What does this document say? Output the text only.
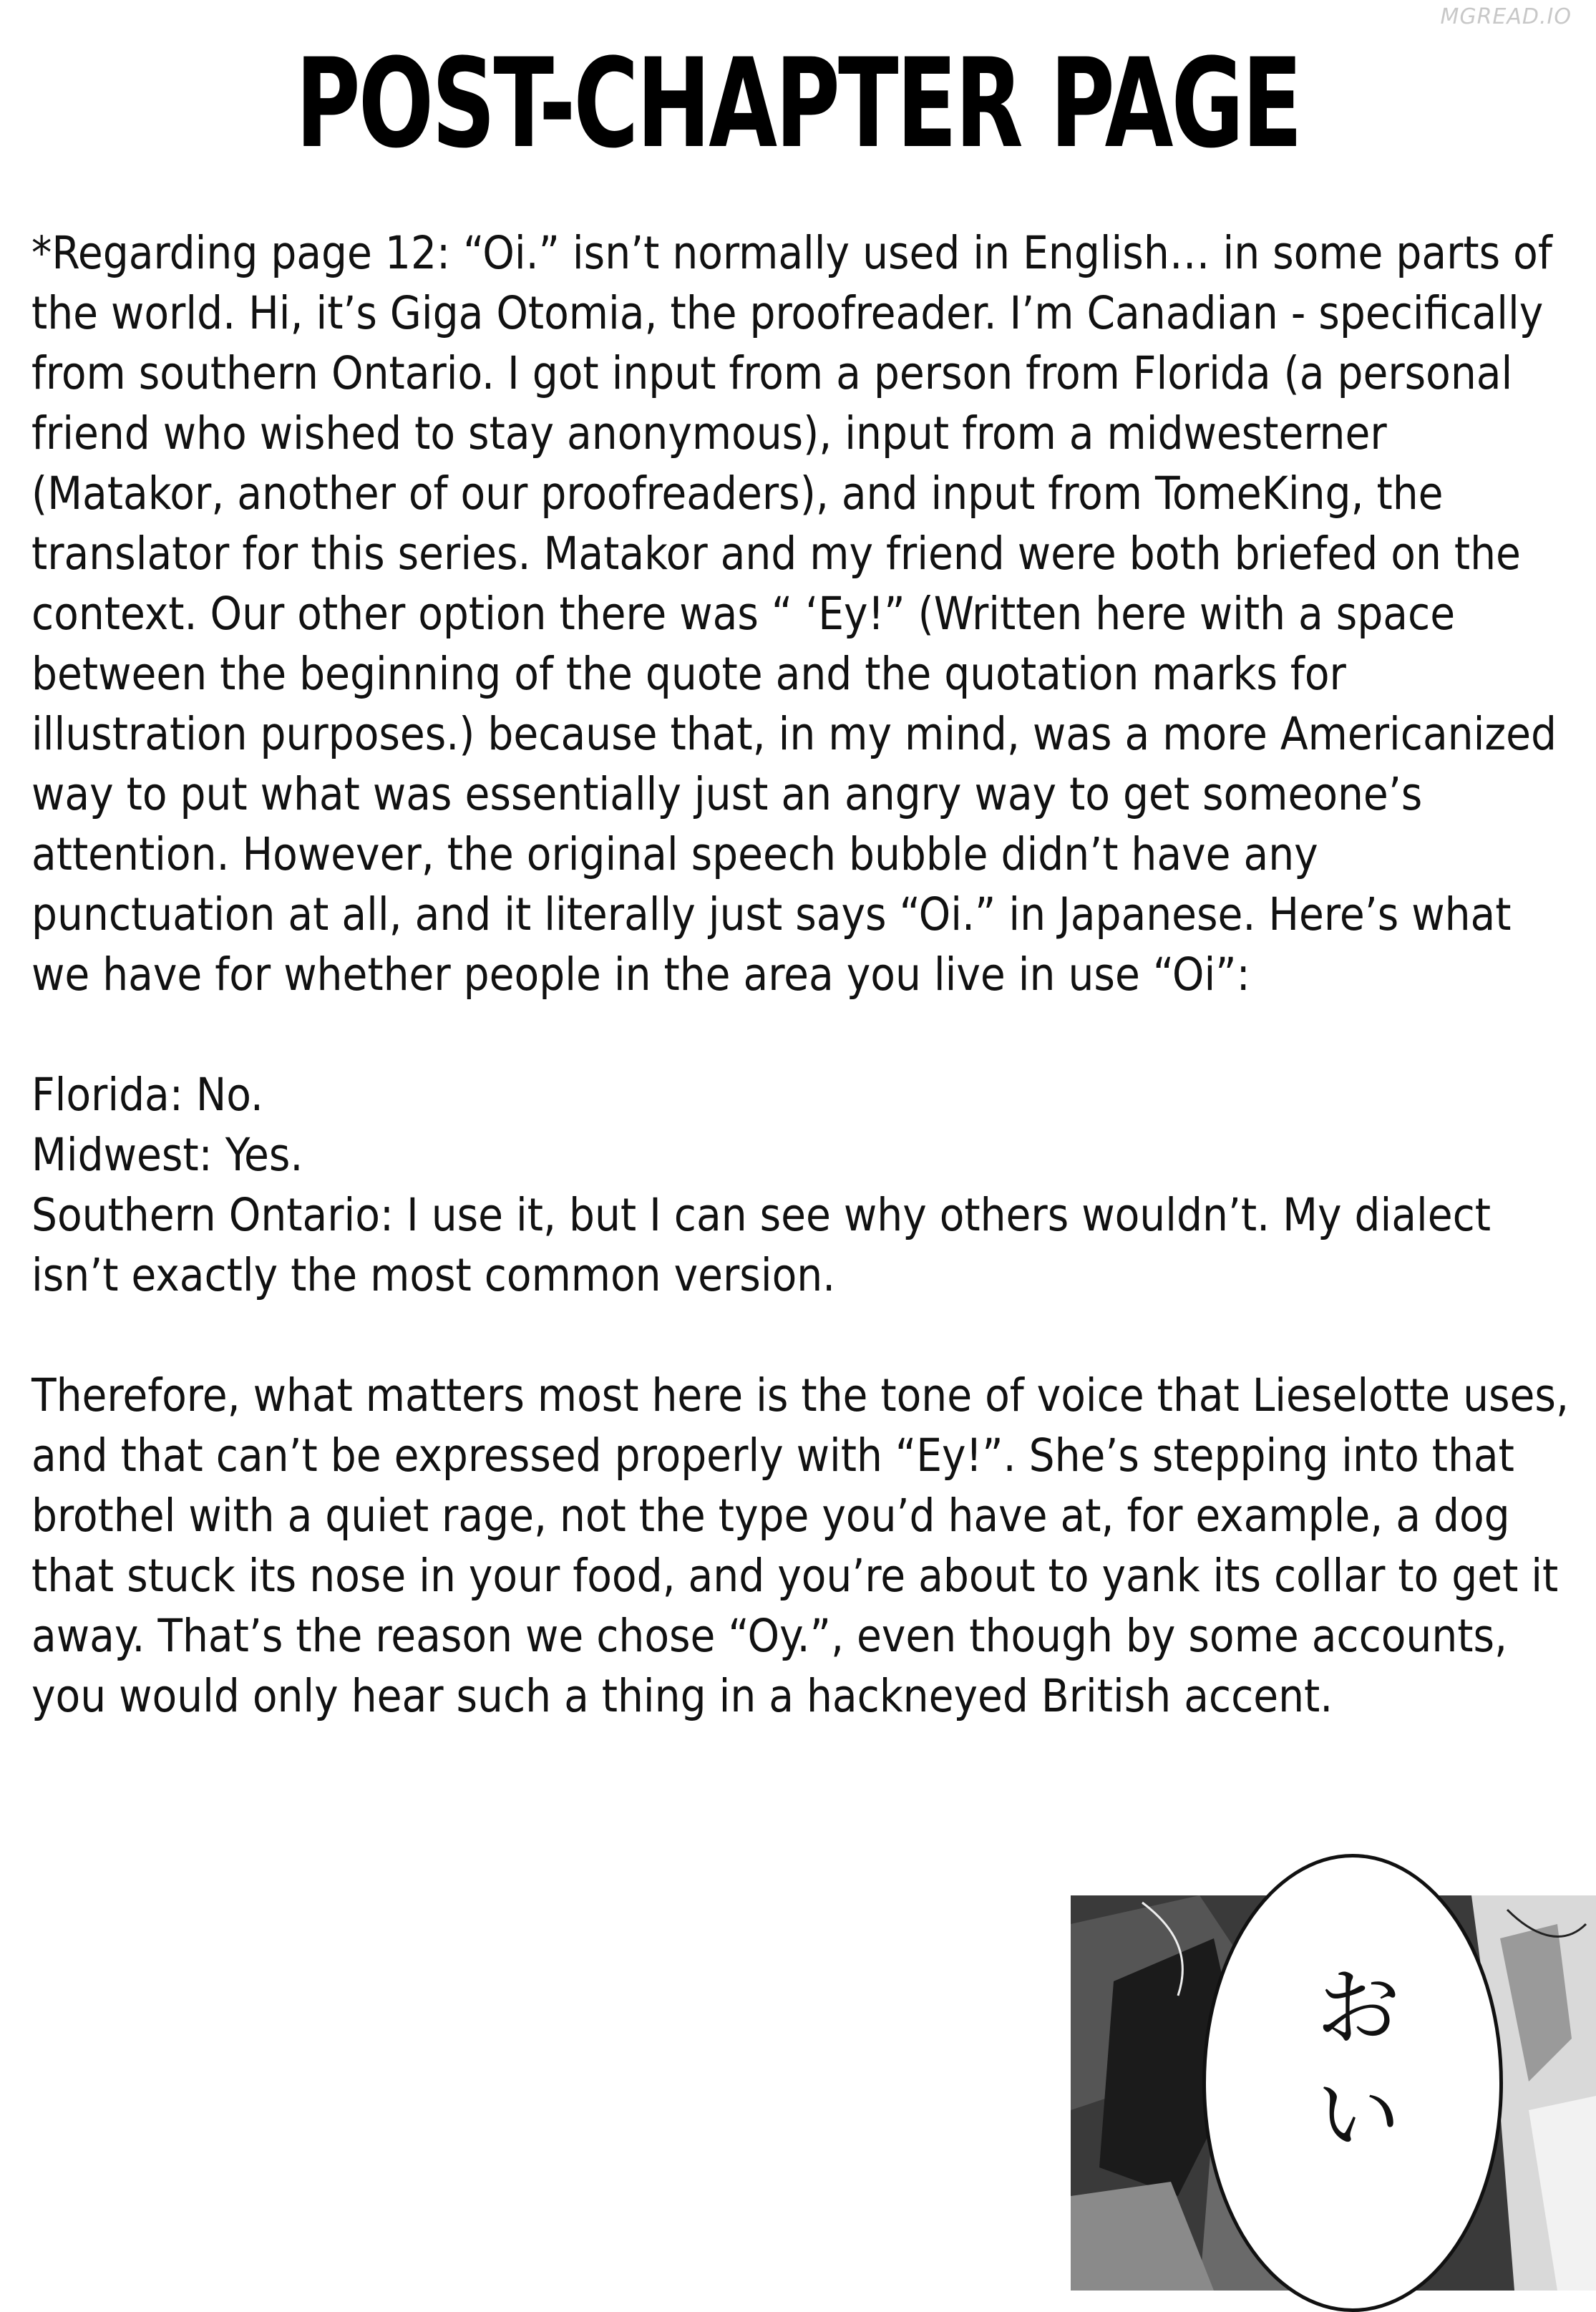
MGREAD.IO
POST-CHAPTER PAGE

*Regarding page 12: “Oi.” isn’t normally used in English… in some parts of the world. Hi, it’s Giga Otomia, the proofreader. I’m Canadian - specifically from southern Ontario. I got input from a person from Florida (a personal friend who wished to stay anonymous), input from a midwesterner (Matakor, another of our proofreaders), and input from TomeKing, the translator for this series. Matakor and my friend were both briefed on the context. Our other option there was “ ‘Ey!” (Written here with a space between the beginning of the quote and the quotation marks for illustration purposes.) because that, in my mind, was a more Americanized way to put what was essentially just an angry way to get someone’s attention. However, the original speech bubble didn’t have any punctuation at all, and it literally just says “Oi.” in Japanese. Here’s what we have for whether people in the area you live in use “Oi”:

Florida: No.

Midwest: Yes.

Southern Ontario: I use it, but I can see why others wouldn’t. My dialect isn’t exactly the most common version.

Therefore, what matters most here is the tone of voice that Lieselotte uses, and that can’t be expressed properly with “Ey!”. She’s stepping into that brothel with a quiet rage, not the type you’d have at, for example, a dog that stuck its nose in your food, and you’re about to yank its collar to get it away. That’s the reason we chose “Oy.”, even though by some accounts, you would only hear such a thing in a hackneyed British accent.

おい
